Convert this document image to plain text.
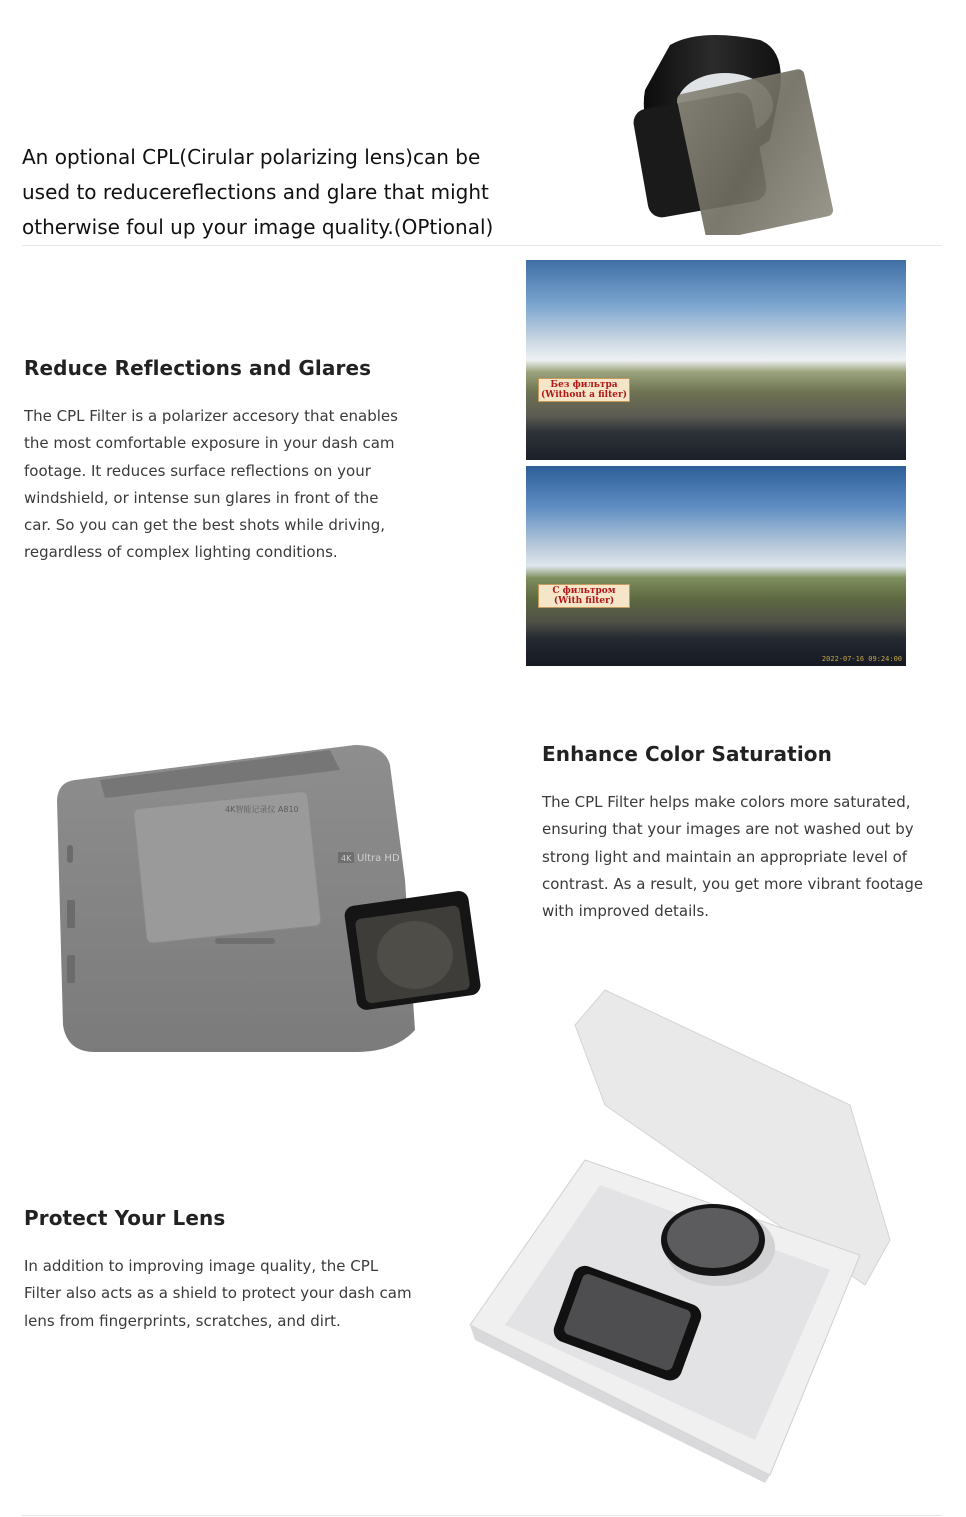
An optional CPL(Cirular polarizing lens)can be
used to reducereflections and glare that might
otherwise foul up your image quality.(OPtional)
Reduce Reflections and Glares

The CPL Filter is a polarizer accesory that enables

the most comfortable exposure in your dash cam

footage. It reduces surface reflections on your

windshield, or intense sun glares in front of the

car. So you can get the best shots while driving,

regardless of complex lighting conditions.

Без фильтра
(Without a filter)
С фильтром
(With filter)
2022-07-16 09:24:00
4K智能记录仪 A810
4K Ultra HD
Enhance Color Saturation

The CPL Filter helps make colors more saturated,

ensuring that your images are not washed out by

strong light and maintain an appropriate level of

contrast. As a result, you get more vibrant footage

with improved details.

Protect Your Lens

In addition to improving image quality, the CPL

Filter also acts as a shield to protect your dash cam

lens from fingerprints, scratches, and dirt.
